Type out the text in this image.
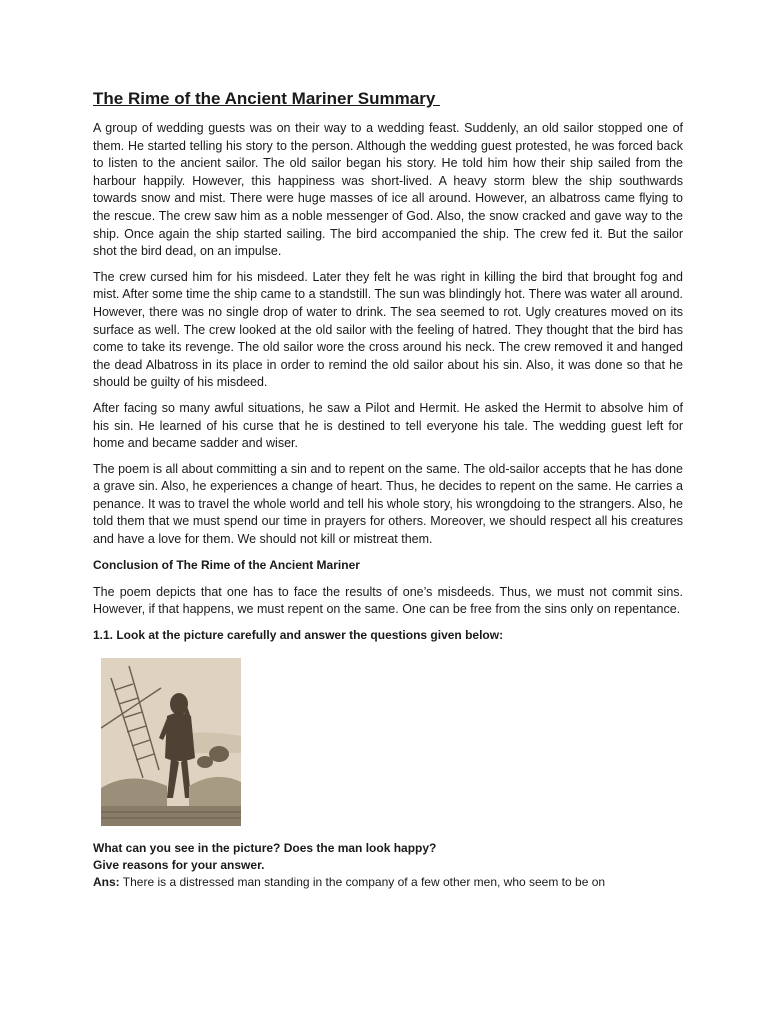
The Rime of the Ancient Mariner Summary

A group of wedding guests was on their way to a wedding feast. Suddenly, an old sailor stopped one of them. He started telling his story to the person. Although the wedding guest protested, he was forced back to listen to the ancient sailor. The old sailor began his story. He told him how their ship sailed from the harbour happily. However, this happiness was short-lived. A heavy storm blew the ship southwards towards snow and mist. There were huge masses of ice all around. However, an albatross came flying to the rescue. The crew saw him as a noble messenger of God. Also, the snow cracked and gave way to the ship. Once again the ship started sailing. The bird accompanied the ship. The crew fed it. But the sailor shot the bird dead, on an impulse.

The crew cursed him for his misdeed. Later they felt he was right in killing the bird that brought fog and mist. After some time the ship came to a standstill. The sun was blindingly hot. There was water all around. However, there was no single drop of water to drink. The sea seemed to rot. Ugly creatures moved on its surface as well. The crew looked at the old sailor with the feeling of hatred. They thought that the bird has come to take its revenge. The old sailor wore the cross around his neck. The crew removed it and hanged the dead Albatross in its place in order to remind the old sailor about his sin. Also, it was done so that he should be guilty of his misdeed.

After facing so many awful situations, he saw a Pilot and Hermit. He asked the Hermit to absolve him of his sin. He learned of his curse that he is destined to tell everyone his tale. The wedding guest left for home and became sadder and wiser.

The poem is all about committing a sin and to repent on the same. The old-sailor accepts that he has done a grave sin. Also, he experiences a change of heart. Thus, he decides to repent on the same. He carries a penance. It was to travel the whole world and tell his whole story, his wrongdoing to the strangers. Also, he told them that we must spend our time in prayers for others. Moreover, we should respect all his creatures and have a love for them. We should not kill or mistreat them.

Conclusion of The Rime of the Ancient Mariner

The poem depicts that one has to face the results of one’s misdeeds. Thus, we must not commit sins. However, if that happens, we must repent on the same. One can be free from the sins only on repentance.

1.1. Look at the picture carefully and answer the questions given below:
What can you see in the picture? Does the man look happy?
Give reasons for your answer.

Ans: There is a distressed man standing in the company of a few other men, who seem to be on
